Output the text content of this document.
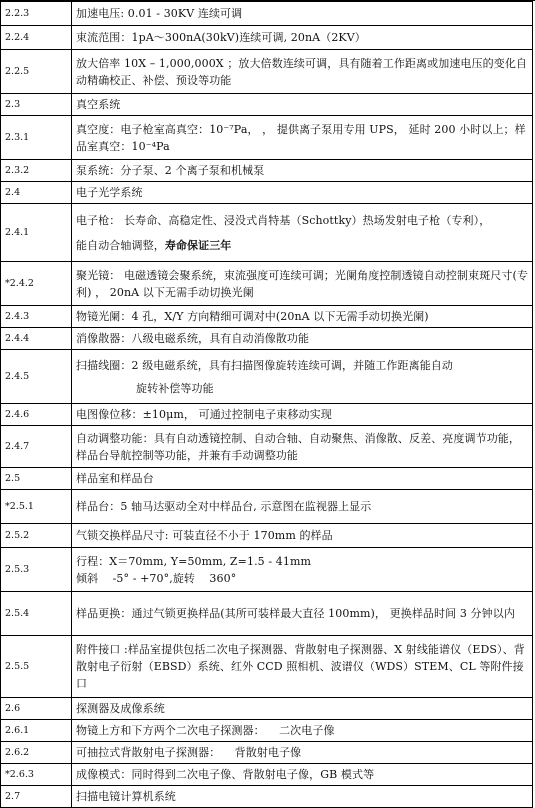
2.2.3	加速电压: 0.01 - 30KV 连续可调
2.2.4	束流范围：1pA～300nA(30kV)连续可调, 20nA（2KV）
2.2.5	放大倍率 10X – 1,000,000X ；放大倍数连续可调，具有随着工作距离或加速电压的变化自动精确校正、补偿、预设等功能
2.3	真空系统
2.3.1	真空度：电子枪室高真空：10⁻⁷Pa， ， 提供离子泵用专用 UPS， 延时 200 小时以上；样品室真空：10⁻⁴Pa
2.3.2	泵系统：分子泵、2 个离子泵和机械泵
2.4	电子光学系统
2.4.1	电子枪： 长寿命、高稳定性、浸没式肖特基（Schottky）热场发射电子枪（专利），
能自动合轴调整，寿命保证三年

*2.4.2	聚光镜： 电磁透镜会聚系统，束流强度可连续可调；光阑角度控制透镜自动控制束斑尺寸(专利) ， 20nA 以下无需手动切换光阑
2.4.3	物镜光阑：4 孔，X/Y 方向精细可调对中(20nA 以下无需手动切换光阑)
2.4.4	消像散器：八级电磁系统，具有自动消像散功能
2.4.5	扫描线圈：2 级电磁系统，具有扫描图像旋转连续可调，并随工作距离能自动
旋转补偿等功能

2.4.6	电图像位移：±10μm， 可通过控制电子束移动实现
2.4.7	自动调整功能：具有自动透镜控制、自动合轴、自动聚焦、消像散、反差、亮度调节功能， 样品台导航控制等功能，并兼有手动调整功能
2.5	样品室和样品台
*2.5.1	样品台：5 轴马达驱动全对中样品台, 示意图在监视器上显示
2.5.2	气锁交换样品尺寸: 可装直径不小于 170mm 的样品
2.5.3	行程：X＝70mm, Y=50mm, Z=1.5 - 41mm
倾斜    -5° - +70°,旋转    360°

2.5.4	样品更换：通过气锁更换样品(其所可装样最大直径 100mm)， 更换样品时间 3 分钟以内
2.5.5	附件接口 :样品室提供包括二次电子探测器、背散射电子探测器、X 射线能谱仪（EDS）、背散射电子衍射（EBSD）系统、红外 CCD 照相机、波谱仪（WDS）STEM、CL 等附件接口
2.6	探测器及成像系统
2.6.1	物镜上方和下方两个二次电子探测器：    二次电子像
2.6.2	可抽拉式背散射电子探测器：    背散射电子像
*2.6.3	成像模式：同时得到二次电子像、背散射电子像，GB 模式等
2.7	扫描电镜计算机系统
